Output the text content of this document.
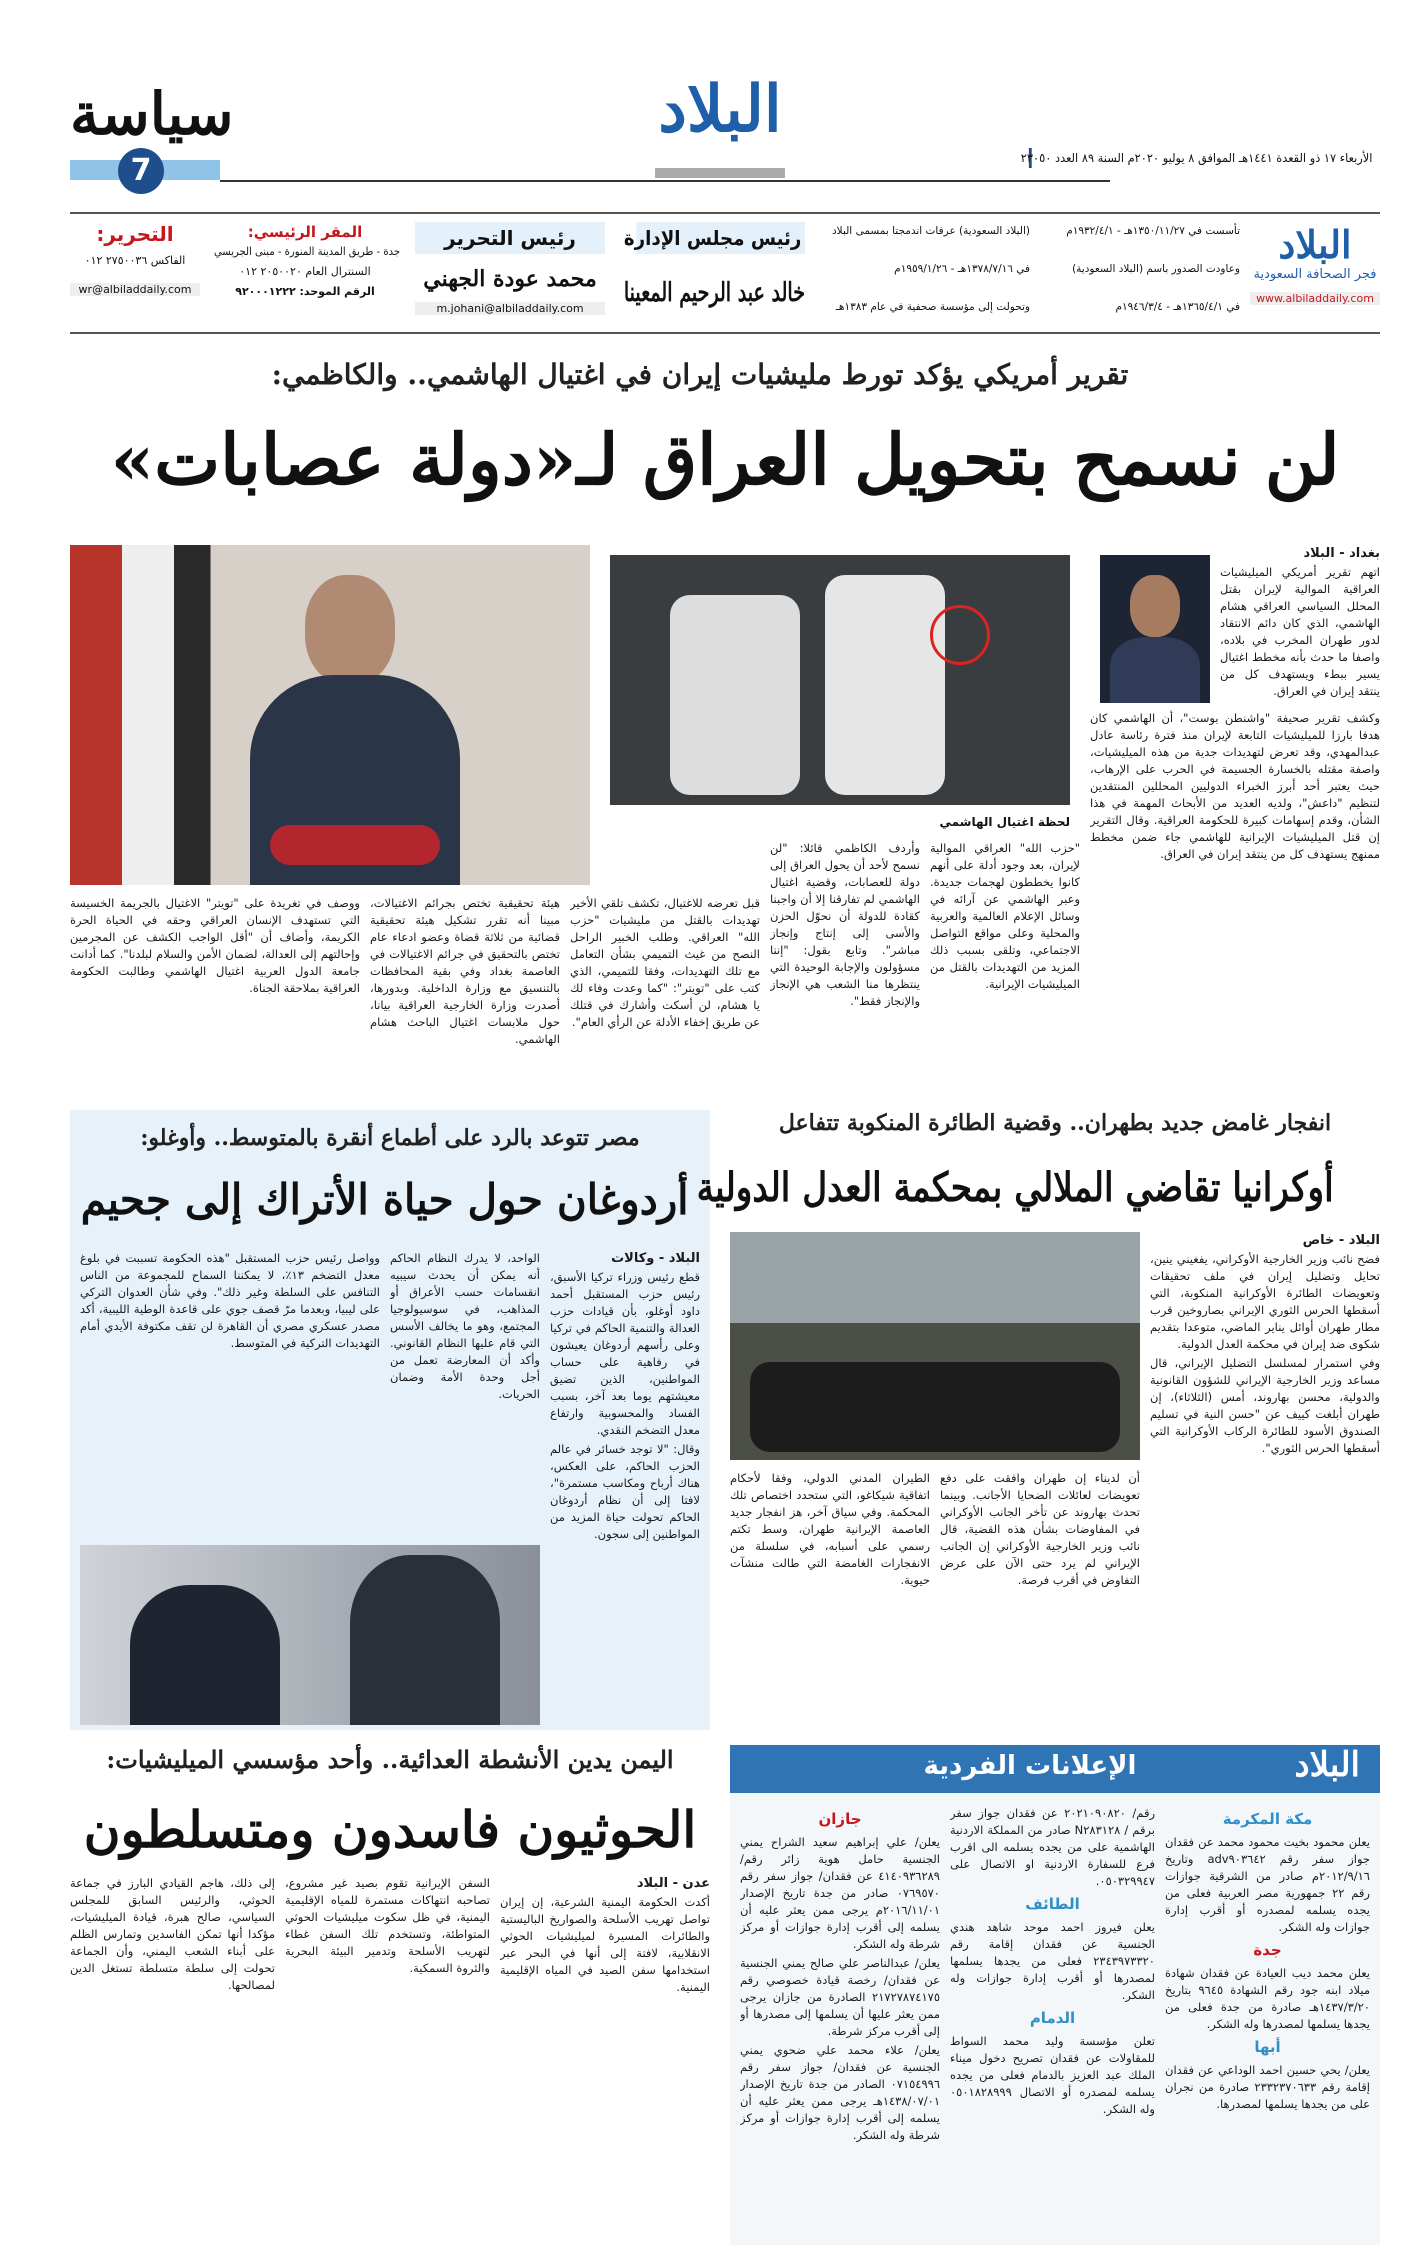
سياسة
7
البلاد
الأربعاء ١٧ ذو القعدة ١٤٤١هـ الموافق ٨ يوليو ٢٠٢٠م السنة ٨٩ العدد ٢٣٠٥٠
البلاد
فجر الصحافة السعودية
www.albiladdaily.com
تأسست في ١٣٥٠/١١/٢٧هـ - ١٩٣٢/٤/١م
وعاودت الصدور باسم (البلاد السعودية)
في ١٣٦٥/٤/١هـ - ١٩٤٦/٣/٤م
(البلاد السعودية) عرفات اندمجتا بمسمى البلاد
في ١٣٧٨/٧/١٦هـ - ١٩٥٩/١/٢٦م
وتحولت إلى مؤسسة صحفية في عام ١٣٨٣هـ
رئيس مجلس الإدارة
خالد عبد الرحيم المعينا
رئيس التحرير
محمد عودة الجهني
m.johani@albiladdaily.com
المقر الرئيسي:
جدة - طريق المدينة المنورة - مبنى الجريسي
السنترال العام ٢٠٥٠٠٢٠ ٠١٢
الرقم الموحد: ٩٢٠٠٠١٢٢٢
التحرير:
الفاكس ٢٧٥٠٠٣٦ ٠١٢
wr@albiladdaily.com
تقرير أمريكي يؤكد تورط مليشيات إيران في اغتيال الهاشمي.. والكاظمي:
لن نسمح بتحويل العراق لـ«دولة عصابات»
لحظة اغتيال الهاشمي

بغداد - البلاد

اتهم تقرير أمريكي الميليشيات العراقية الموالية لإيران بقتل المحلل السياسي العراقي هشام الهاشمي، الذي كان دائم الانتقاد لدور طهران المخرب في بلاده، واصفا ما حدث بأنه مخطط اغتيال يسير ببطء ويستهدف كل من ينتقد إيران في العراق.

وكشف تقرير صحيفة "واشنطن بوست"، أن الهاشمي كان هدفا بارزا للميليشيات التابعة لإيران منذ فترة رئاسة عادل عبدالمهدي، وقد تعرض لتهديدات جدية من هذه الميليشيات، واصفة مقتله بالخسارة الجسيمة في الحرب على الإرهاب، حيث يعتبر أحد أبرز الخبراء الدوليين المحللين المنتقدين لتنظيم "داعش"، ولديه العديد من الأبحاث المهمة في هذا الشأن، وقدم إسهامات كبيرة للحكومة العراقية. وقال التقرير إن قتل الميليشيات الإيرانية للهاشمي جاء ضمن مخطط ممنهج يستهدف كل من ينتقد إيران في العراق.

"حزب الله" العراقي الموالية لإيران، بعد وجود أدلة على أنهم كانوا يخططون لهجمات جديدة. وعبر الهاشمي عن آرائه في وسائل الإعلام العالمية والعربية والمحلية وعلى مواقع التواصل الاجتماعي، وتلقى بسبب ذلك المزيد من التهديدات بالقتل من الميليشيات الإيرانية.

وأردف الكاظمي قائلا: "لن نسمح لأحد أن يحول العراق إلى دولة للعصابات، وقضية اغتيال الهاشمي لم تفارقنا إلا أن واجبنا كقادة للدولة أن نحوّل الحزن والأسى إلى إنتاج وإنجاز مباشر". وتابع بقول: "إننا مسؤولون والإجابة الوحيدة التي ينتظرها منا الشعب هي الإنجاز والإنجاز فقط".

قبل تعرضه للاغتيال، تكشف تلقي الأخير تهديدات بالقتل من مليشيات "حزب الله" العراقي. وطلب الخبير الراحل النصح من غيث التميمي بشأن التعامل مع تلك التهديدات، وفقا للتميمي، الذي كتب على "تويتر": "كما وعدت وفاء لك يا هشام، لن أسكت وأشارك في قتلك عن طريق إخفاء الأدلة عن الرأي العام".

هيئة تحقيقية تختص بجرائم الاغتيالات، مبينا أنه تقرر تشكيل هيئة تحقيقية قضائية من ثلاثة قضاة وعضو ادعاء عام تختص بالتحقيق في جرائم الاغتيالات في العاصمة بغداد وفي بقية المحافظات بالتنسيق مع وزارة الداخلية. وبدورها، أصدرت وزارة الخارجية العراقية بيانا، حول ملابسات اغتيال الباحث هشام الهاشمي.

ووصف في تغريدة على "تويتر" الاغتيال بالجريمة الخسيسة التي تستهدف الإنسان العراقي وحقه في الحياة الحرة الكريمة، وأضاف أن "أقل الواجب الكشف عن المجرمين وإحالتهم إلى العدالة، لضمان الأمن والسلام لبلدنا". كما أدانت جامعة الدول العربية اغتيال الهاشمي وطالبت الحكومة العراقية بملاحقة الجناة.

مصر تتوعد بالرد على أطماع أنقرة بالمتوسط.. وأوغلو:
أردوغان حول حياة الأتراك إلى جحيم

البلاد - وكالات

قطع رئيس وزراء تركيا الأسبق، رئيس حزب المستقبل أحمد داود أوغلو، بأن قيادات حزب العدالة والتنمية الحاكم في تركيا وعلى رأسهم أردوغان يعيشون في رفاهية على حساب المواطنين، الذين تضيق معيشتهم يوما بعد آخر، بسبب الفساد والمحسوبية وارتفاع معدل التضخم النقدي.

وقال: "لا توجد خسائر في عالم الحزب الحاكم، على العكس، هناك أرباح ومكاسب مستمرة"، لافتا إلى أن نظام أردوغان الحاكم تحولت حياة المزيد من المواطنين إلى سجون.

الواحد، لا يدرك النظام الحاكم أنه يمكن أن يحدث سيبيه انقسامات حسب الأعراق أو المذاهب، في سوسيولوجيا المجتمع، وهو ما يخالف الأسس التي قام عليها النظام القانوني. وأكد أن المعارضة تعمل من أجل وحدة الأمة وضمان الحريات.

وواصل رئيس حزب المستقبل "هذه الحكومة تسببت في بلوغ معدل التضخم ١٣٪، لا يمكننا السماح للمجموعة من الناس التنافس على السلطة وغير ذلك". وفي شأن العدوان التركي على ليبيا، وبعدما مرّ قصف جوي على قاعدة الوطية الليبية، أكد مصدر عسكري مصري أن القاهرة لن تقف مكتوفة الأيدي أمام التهديدات التركية في المتوسط.

انفجار غامض جديد بطهران.. وقضية الطائرة المنكوبة تتفاعل
أوكرانيا تقاضي الملالي بمحكمة العدل الدولية

البلاد - خاص

فضح نائب وزير الخارجية الأوكراني، يفغيني ينين، تحايل وتضليل إيران في ملف تحقيقات وتعويضات الطائرة الأوكرانية المنكوبة، التي أسقطها الحرس الثوري الإيراني بصاروخين قرب مطار طهران أوائل يناير الماضي، متوعدا بتقديم شكوى ضد إيران في محكمة العدل الدولية.

وفي استمرار لمسلسل التضليل الإيراني، قال مساعد وزير الخارجية الإيراني للشؤون القانونية والدولية، محسن بهاروند، أمس (الثلاثاء)، إن طهران أبلغت كييف عن "حسن النية في تسليم الصندوق الأسود للطائرة الركاب الأوكرانية التي أسقطها الحرس الثوري".

أن لديناء إن طهران وافقت على دفع تعويضات لعائلات الضحايا الأجانب. وبينما تحدث بهاروند عن تأخر الجانب الأوكراني في المفاوضات بشأن هذه القضية، قال نائب وزير الخارجية الأوكراني إن الجانب الإيراني لم يرد حتى الآن على عرض التفاوض في أقرب فرصة.

الطيران المدني الدولي، وفقا لأحكام اتفاقية شيكاغو، التي ستحدد اختصاص تلك المحكمة. وفي سياق آخر، هز انفجار جديد العاصمة الإيرانية طهران، وسط تكتم رسمي على أسبابه، في سلسلة من الانفجارات الغامضة التي طالت منشآت حيوية.

اليمن يدين الأنشطة العدائية.. وأحد مؤسسي الميليشيات:
الحوثيون فاسدون ومتسلطون

عدن - البلاد

أكدت الحكومة اليمنية الشرعية، إن إيران تواصل تهريب الأسلحة والصواريخ الباليستية والطائرات المسيرة لميليشيات الحوثي الانقلابية، لافتة إلى أنها في البحر عبر استخدامها سفن الصيد في المياه الإقليمية اليمنية.

السفن الإيرانية تقوم بصيد غير مشروع، تصاحبه انتهاكات مستمرة للمياه الإقليمية اليمنية، في ظل سكوت ميليشيات الحوثي المتواطئة، وتستخدم تلك السفن غطاء لتهريب الأسلحة وتدمير البيئة البحرية والثروة السمكية.

إلى ذلك، هاجم القيادي البارز في جماعة الحوثي، والرئيس السابق للمجلس السياسي، صالح هبرة، قيادة الميليشيات، مؤكدا أنها تمكن الفاسدين وتمارس الظلم على أبناء الشعب اليمني، وأن الجماعة تحولت إلى سلطة متسلطة تستغل الدين لمصالحها.

البلاد
الإعلانات الفردية
مكة المكرمة

يعلن محمود بخيت محمود محمد عن فقدان جواز سفر رقم adv٩٠٣٦٤٢ وتاريخ ٢٠١٢/٩/١٦م صادر من الشرقية جوازات رقم ٢٢ جمهورية مصر العربية فعلى من يجده يسلمه لمصدره أو أقرب إدارة جوازات وله الشكر.

جدة

يعلن محمد ديب العيادة عن فقدان شهادة ميلاد ابنه جود رقم الشهادة ٩٦٤٥ بتاريخ ١٤٣٧/٣/٢٠هـ صادرة من جدة فعلى من يجدها يسلمها لمصدرها وله الشكر.

أبها

يعلن/ يحي حسين احمد الوداعي عن فقدان إقامة رقم ٢٣٣٢٣٧٠٦٣٣ صادرة من نجران على من يجدها يسلمها لمصدرها.

رقم/ ٢٠٢١٠٩٠٨٢٠ عن فقدان جواز سفر برقم / N٢٨٣١٢٨ صادر من المملكة الاردنية الهاشمية على من يجده يسلمه الى اقرب فرع للسفارة الاردنية او الاتصال على ٠٥٠٣٢٩٩٤٧.

الطائف

يعلن فيروز احمد موحد شاهد هندي الجنسية عن فقدان إقامة رقم ٢٣٤٣٩٧٣٣٢٠ فعلى من يجدها يسلمها لمصدرها أو أقرب إدارة جوازات وله الشكر.

الدمام

تعلن مؤسسة وليد محمد السواط للمقاولات عن فقدان تصريح دخول ميناء الملك عبد العزيز بالدمام فعلى من يجده يسلمه لمصدره أو الاتصال ٠٥٠١٨٢٨٩٩٩ وله الشكر.

جازان

يعلن/ علي إبراهيم سعيد الشراح يمني الجنسية حامل هوية زائر رقم/ ٤١٤٠٩٣٦٢٨٩ عن فقدان/ جواز سفر رقم ٠٧٦٩٥٧٠ صادر من جدة تاريخ الإصدار ٢٠١٦/١١/٠١م يرجى ممن يعثر عليه أن يسلمه إلى أقرب إدارة جوازات أو مركز شرطة وله الشكر.

يعلن/ عبدالناصر علي صالح يمني الجنسية عن فقدان/ رخصة قيادة خصوصي رقم ٢١٧٢٧٨٧٤١٧٥ الصادرة من جازان يرجى ممن يعثر عليها أن يسلمها إلى مصدرها أو إلى أقرب مركز شرطة.

يعلن/ علاء محمد علي ضحوي يمني الجنسية عن فقدان/ جواز سفر رقم ٠٧١٥٤٩٩٦ الصادر من جدة تاريخ الإصدار ١٤٣٨/٠٧/٠١هـ يرجى ممن يعثر عليه أن يسلمه إلى أقرب إدارة جوازات أو مركز شرطة وله الشكر.
